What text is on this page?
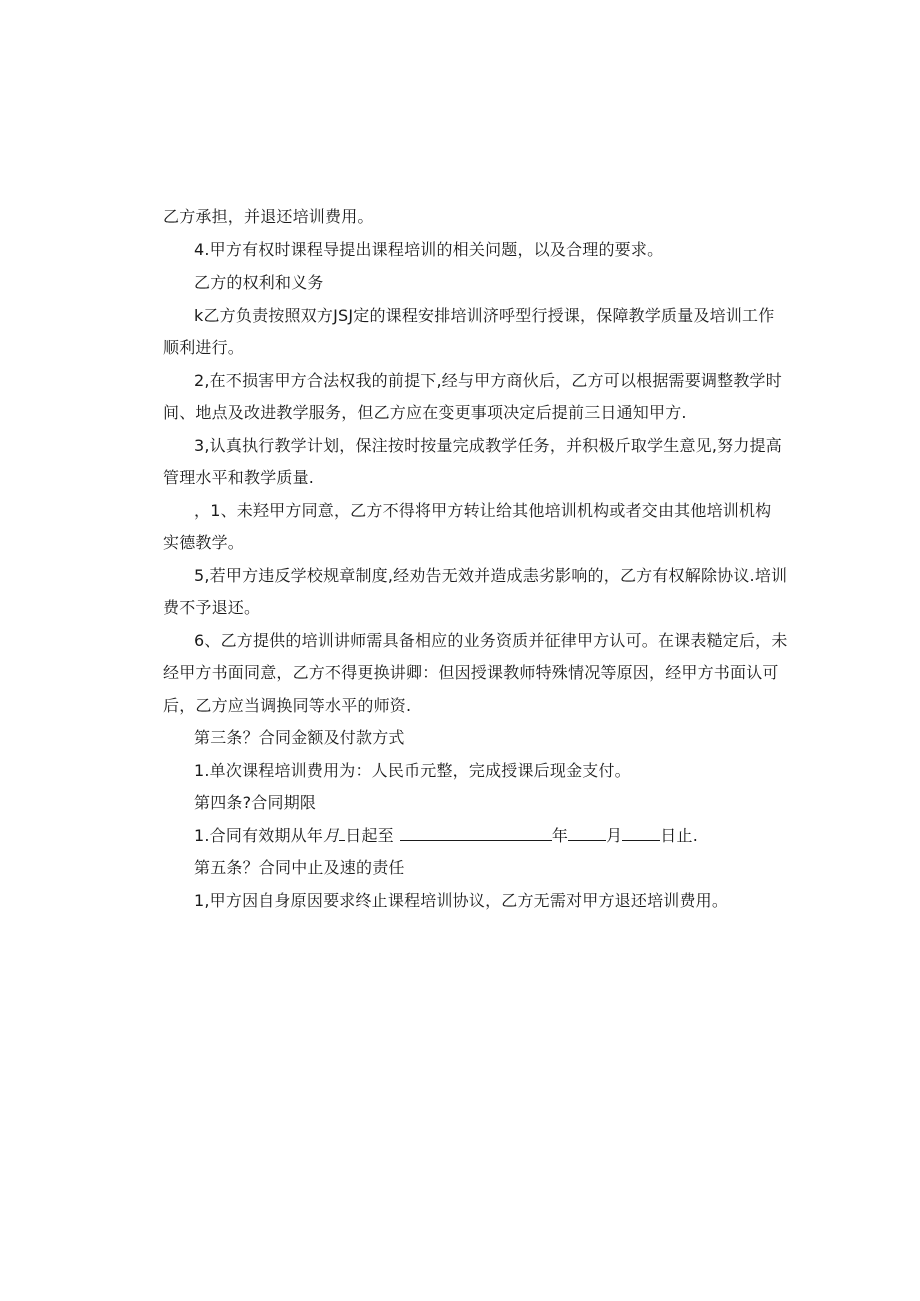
乙方承担，并退还培训费用。
4.甲方有权时课程导提出课程培训的相关问题，以及合理的要求。
乙方的权利和义务
k乙方负责按照双方JSJ定的课程安排培训济呼型行授课，保障教学质量及培训工作
顺利进行。
2,在不损害甲方合法权我的前提下,经与甲方商伙后，乙方可以根据需要调整教学时
间、地点及改进教学服务，但乙方应在变更事项决定后提前三日通知甲方.
3,认真执行教学计划，保注按时按量完成教学任务，并积极斤取学生意见,努力提高
管理水平和教学质量.
，1、未羟甲方同意，乙方不得将甲方转让给其他培训机构或者交由其他培训机构
实德教学。
5,若甲方违反学校规章制度,经劝告无效并造成恚劣影响的，乙方有权解除协议.培训
费不予退还。
6、乙方提供的培训讲师需具备相应的业务资质并征律甲方认可。在课表糙定后，未
经甲方书面同意，乙方不得更换讲卿：但因授课教师特殊情况等原因，经甲方书面认可
后，乙方应当调换同等水平的师资.
第三条？合同金额及付款方式
1.单次课程培训费用为：人民币元整，完成授课后现金支付。
第四条?合同期限
1.合同有效期从年月 日起至	年 月 日止.
第五条？合同中止及速的责任
1,甲方因自身原因要求终止课程培训协议，乙方无需对甲方退还培训费用。
